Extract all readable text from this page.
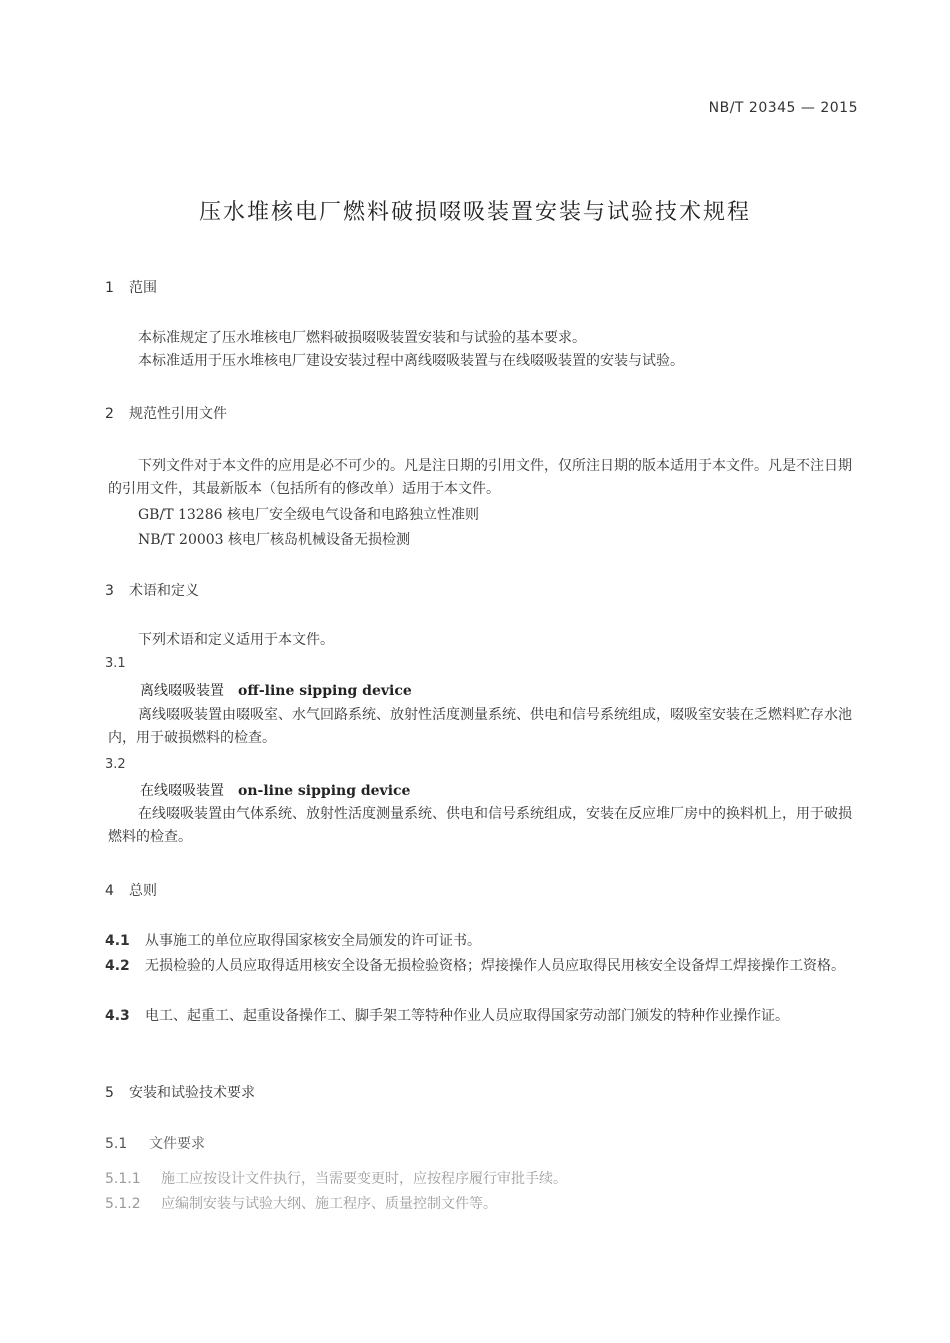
NB/T 20345 — 2015
压水堆核电厂燃料破损啜吸装置安装与试验技术规程
1 范围
本标准规定了压水堆核电厂燃料破损啜吸装置安装和与试验的基本要求。
本标准适用于压水堆核电厂建设安装过程中离线啜吸装置与在线啜吸装置的安装与试验。
2 规范性引用文件
下列文件对于本文件的应用是必不可少的。凡是注日期的引用文件，仅所注日期的版本适用于本文件。凡是不注日期的引用文件，其最新版本（包括所有的修改单）适用于本文件。
GB/T 13286 核电厂安全级电气设备和电路独立性准则
NB/T 20003 核电厂核岛机械设备无损检测
3 术语和定义
下列术语和定义适用于本文件。
3.1
离线啜吸装置 off-line sipping device
离线啜吸装置由啜吸室、水气回路系统、放射性活度测量系统、供电和信号系统组成，啜吸室安装在乏燃料贮存水池内，用于破损燃料的检查。
3.2
在线啜吸装置 on-line sipping device
在线啜吸装置由气体系统、放射性活度测量系统、供电和信号系统组成，安装在反应堆厂房中的换料机上，用于破损燃料的检查。
4 总则
4.1 从事施工的单位应取得国家核安全局颁发的许可证书。
4.2 无损检验的人员应取得适用核安全设备无损检验资格；焊接操作人员应取得民用核安全设备焊工焊接操作工资格。
4.3 电工、起重工、起重设备操作工、脚手架工等特种作业人员应取得国家劳动部门颁发的特种作业操作证。
5 安装和试验技术要求
5.1 文件要求
5.1.1 施工应按设计文件执行，当需要变更时，应按程序履行审批手续。
5.1.2 应编制安装与试验大纲、施工程序、质量控制文件等。
